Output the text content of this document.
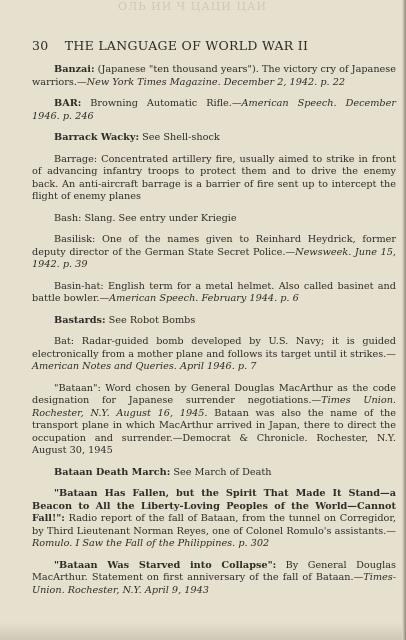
ОЛЬ ИИ Ч ЦАЦИ ЦАИ
30 THE LANGUAGE OF WORLD WAR II

Banzai: (Japanese "ten thousand years"). The victory cry of Japanese warriors.—New York Times Magazine. December 2, 1942. p. 22

BAR: Browning Automatic Rifle.—American Speech. December 1946. p. 246

Barrack Wacky: See Shell-shock

Barrage: Concentrated artillery fire, usually aimed to strike in front of advancing infantry troops to protect them and to drive the enemy back. An anti-aircraft barrage is a barrier of fire sent up to intercept the flight of enemy planes

Bash: Slang. See entry under Kriegie

Basilisk: One of the names given to Reinhard Heydrick, former deputy director of the German State Secret Police.—Newsweek. June 15, 1942. p. 39

Basin-hat: English term for a metal helmet. Also called basinet and battle bowler.—American Speech. February 1944. p. 6

Bastards: See Robot Bombs

Bat: Radar-guided bomb developed by U.S. Navy; it is guided electronically from a mother plane and follows its target until it strikes.—American Notes and Queries. April 1946. p. 7

"Bataan": Word chosen by General Douglas MacArthur as the code designation for Japanese surrender negotiations.—Times Union. Rochester, N.Y. August 16, 1945. Bataan was also the name of the transport plane in which MacArthur arrived in Japan, there to direct the occupation and surrender.—Democrat & Chronicle. Rochester, N.Y. August 30, 1945

Bataan Death March: See March of Death

"Bataan Has Fallen, but the Spirit That Made It Stand—a Beacon to All the Liberty-Loving Peoples of the World—Cannot Fall!": Radio report of the fall of Bataan, from the tunnel on Corregidor, by Third Lieutenant Norman Reyes, one of Colonel Romulo's assistants.—Romulo. I Saw the Fall of the Philippines. p. 302

"Bataan Was Starved into Collapse": By General Douglas MacArthur. Statement on first anniversary of the fall of Bataan.—Times-Union. Rochester, N.Y. April 9, 1943
